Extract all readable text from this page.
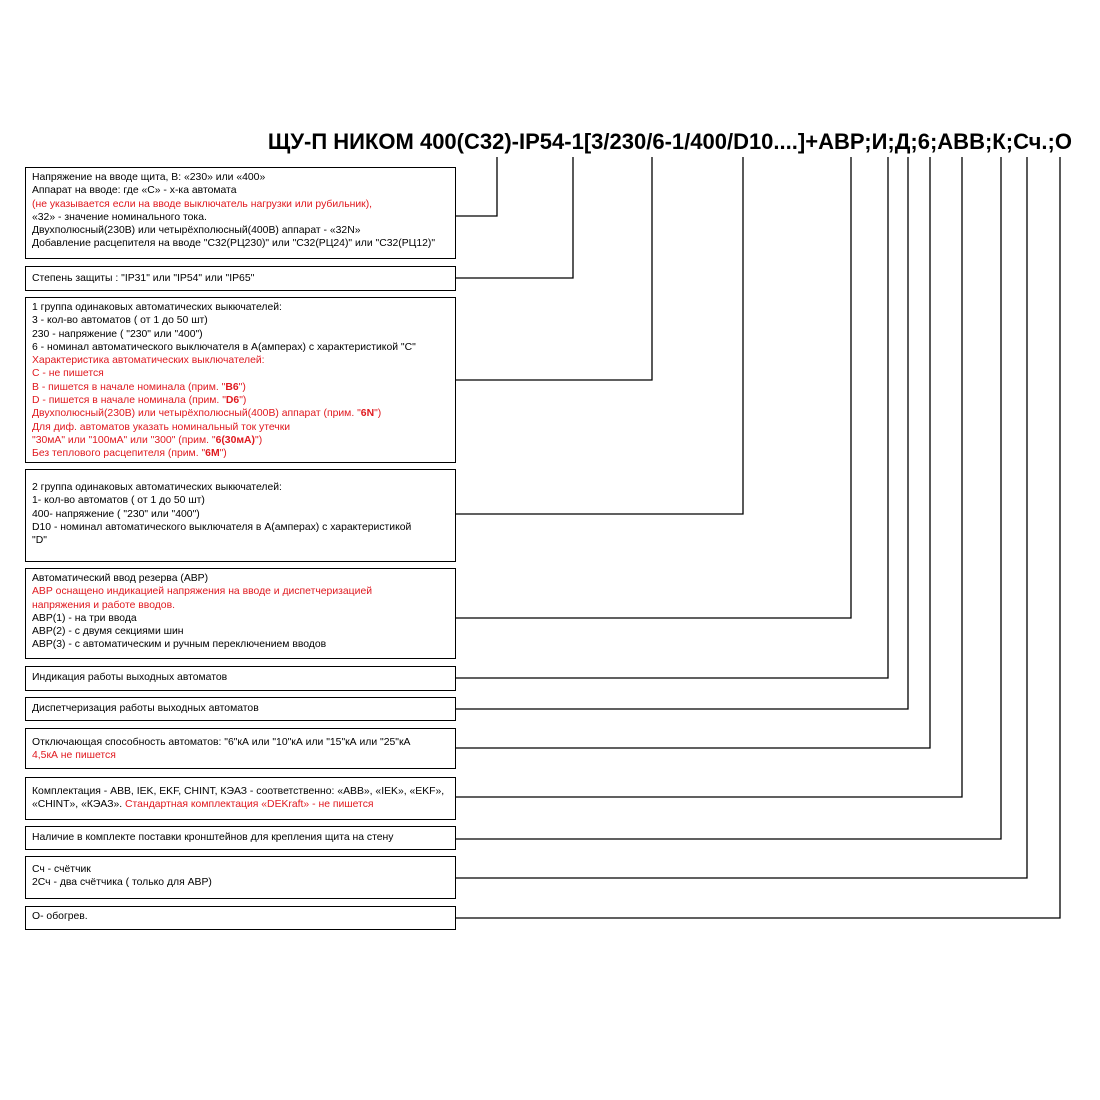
ЩУ-П НИКОМ 400(С32)-IP54-1[3/230/6-1/400/D10....]+АВР;И;Д;6;ABB;К;Сч.;О
Напряжение на вводе щита, В: «230» или «400»
Аппарат на вводе: где «С» - х-ка автомата
(не указывается если на вводе выключатель нагрузки или рубильник),
«32» - значение номинального тока.
Двухполюсный(230В) или четырёхполюсный(400В) аппарат - «32N»
Добавление расцепителя на вводе "С32(РЦ230)" или "С32(РЦ24)" или "С32(РЦ12)"
Степень защиты : "IP31" или "IP54" или "IP65"
1 группа одинаковых автоматических выкючателей:
3 - кол-во автоматов ( от 1 до 50 шт)
230 - напряжение ( "230" или "400")
6 - номинал автоматического выключателя в А(амперах) с характеристикой "С"
Характеристика автоматических выключателей:
С - не пишется
В - пишется в начале номинала (прим. "В6")
D - пишется в начале номинала (прим. "D6")
Двухполюсный(230В) или четырёхполюсный(400В) аппарат (прим. "6N")
Для диф. автоматов указать номинальный ток утечки
"30мА" или "100мА" или "300" (прим. "6(30мА)")
Без теплового расцепителя (прим. "6М")
2 группа одинаковых автоматических выкючателей:
1- кол-во автоматов ( от 1 до 50 шт)
400- напряжение ( "230" или "400")
D10 - номинал автоматического выключателя в А(амперах) с характеристикой
"D"
Автоматический ввод резерва (АВР)
АВР оснащено индикацией напряжения на вводе и диспетчеризацией
напряжения и работе вводов.
АВР(1) - на три ввода
АВР(2) - с двумя секциями шин
АВР(3) - с автоматическим и ручным переключением вводов
Индикация работы выходных автоматов
Диспетчеризация работы выходных автоматов
Отключающая способность автоматов: "6"кА или "10"кА или "15"кА или "25"кА
4,5кА не пишется
Комплектация - ABB, IEK, EKF, CHINT, КЭАЗ - соответственно: «ABB», «IEK», «EKF»,
«CHINT», «КЭАЗ». Стандартная комплектация «DEKraft» - не пишется
Наличие в комплекте поставки кронштейнов для крепления щита на стену
Сч - счётчик
2Сч - два счётчика ( только для АВР)
О- обогрев.
